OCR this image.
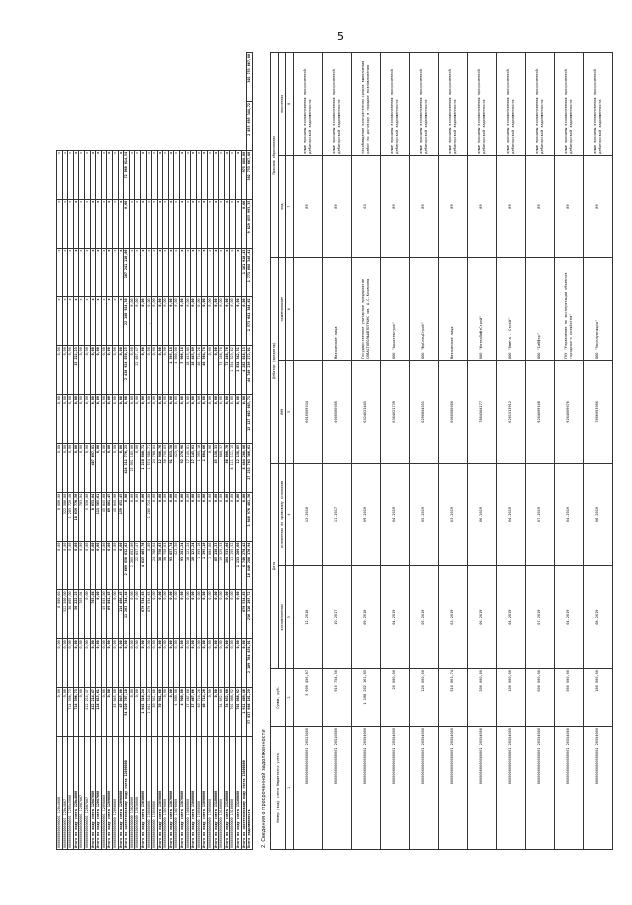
5
·
0000000000000001 120ь4668	0,00	0,00	8 000,00	0,00	8 000,00	0,00	0,00	0,00	x	x	x	x		
000000000000001 120ь4667	0,00	0,00	322 500,00	0,00	322 500,00	0,00	0,00	0,00	x	x	x	x		
0000000000000001 1205ь5000	714 396,73	0,00	36 605,00	0,00	1 203 729,48	0,00	0,00	0,00	x	x	x	x		
Итого по коду счета 120ь4000	714 396,73	0,00	50 222,23	0,00	10 039 776,50	0,00	0,00	15 222,23	x	x	x	x		
00000000000000001 12087667	0,00	0,00	703,04	0,00	703,04	0,00	0,00	0,00	x	x	x	x		
0000000000000001 12087667	412 214,47	0,00	0,00	0,00	5 350,00	0,00	0,00	0,00	x	x	x	x		
Итого по коду счета 12087000	412 214,47	0,00	703,04	0,00	6 053,04	407 697,01	0,00	0,00	x	x	x	x		
Итого по коду счета 12087600	116 615,61	0,00	0,00	0,00	113 565,61	0,00	0,00	0,00	x	x	x	x		
00000000000000001 12096660	0,00	0,00	45 045,00	0,00	45 045,00	0,00	0,00	0,00	x	x	x	x		
Итого по коду счета 12096000	0,00	0,00	69 861,45	0,00	69 861,45	0,00	0,00	0,00	x	x	x	x		
000000000000000 12096660	45 045,00	0,00	0,00	0,00	45 045,00	0,00	0,00	0,00	x	x	x	x		
Итого по коду счета 12096000	45 045,00	0,00	114 408,45	0,00	159 451,45	0,00	0,00	0,00	x	x	x	x		
Итого по синтетическому коду счета 12000000	54 020 707,10	0,00	11 203 744,44	2 669 856 632,62	0,00	424 211 776,23	0,00	2 438 924 030,25	22 180 924,30	107 241 110,00	0,00	72 080 014,54		
0000000000000000 13020000	0,00	0,00	0,00	1 265 692,00	0,00	15 091 183,00	0,00	0,00	0,00	x	x	x		
0000000000000000 13030000	0,00	0,00	0,00	22 657,47	0,00	0,00	0,00	22 657,47	0,00	x	x	x		
Итого по коду счета 13030000	1 041 316,24	0,00	679 534,83	4 615 463,76	0,00	1 228 886,71	0,00	0,00	0,00	x	x	x		
00000000000000 13050000	1 041 316,24	0,00	679 534,83	0,00	1 285 724,00	1 574 986,71	0,00	0,00	0,00	x	x	x		
00000000000000 13050000	50 941,66	0,00	0,00	24 788,64	0,00	24 788,64	0,00	0,00	0,00	x	x	x		
Итого по коду счета 13050000	50 941,66	0,00	0,00	38 750,63	0,00	12 986,76	0,00	0,00	0,00	x	x	x		
000000000000000 13070000	0,00	0,00	0,00	38 750,63	0,00	38 750,63	0,00	0,00	0,00	x	x	x		
Итого по коду счета 13070000	0,00	0,00	0,00	93 857,74	0,00	91 853,50	0,00	1 395,18	0,00	x	x	x		
000000000000000 13070000	4 900,00	0,00	0,00	423,50	0,00	423,50	0,00	4 900,00	0,00	x	x	x		
Итого по коду счета 13070000	4 900,00	0,00	0,00	93 281,24	0,00	92 276,98	0,00	5 906,18	0,00	x	x	x		
000000000000000 13080000	17 467,66	0,00	0,00	18 121,24	0,00	17 145,01	0,00	18 443,89	0,00	x	x	x		
Итого по коду счета 13080000	17 467,66	0,00	0,00	18 121,24	0,00	17 145,01	0,00	18 443,89	0,00	x	x	x		
00000000000000 13090000	40 714,26	0,00	0,00	1 395,18	0,00	1 395,18	0,00	40 714,26	0,00	x	x	x		
Итого по коду счета 13090000	40 714,26	0,00	0,00	1 395,18	0,00	1 604,66	0,00	40 504,78	0,00	x	x	x		
000000000000000 13090000	0,00	0,00	0,00	1 604,66	0,00	0,00	0,00	0,00	0,00	x	x	x		
Итого по коду счета 13100000	0,00	0,00	0,00	85 138,33	0,00	85 138,33	0,00	0,00	0,00	x	x	x		
000000000000000 13100000	54 852,60	0,00	0,00	19 329,33	0,00	868,37	0,00	73 168,76	0,00	x	x	x		
Итого по коду счета 13100000	54 852,60	0,00	0,00	104 533,66	0,00	86 006,70	0,00	73 168,76	0,00	x	x	x		
000000000000000 13100000	701 088,92	0,00	0,00	11 195,52	0,00	6 111 111,15	0,00	1 354 323,62	0,00	x	x	x		
Итого по коду счета 13100000	701 088,92	0,00	0,00	1 133 209,00	0,00	12 138,05	0,00	1 834 342,51	0,00	x	x	x		
Итого по синтетическому коду счета 13000000	1 911 409,46	0,00	679 534,83	8 740 278,42	0,00	8 484 206,86	0,00	4 282 018,13	0,00	1 161 916,43	0,00	975 888,00		
Всего задолженность	57 837 086 161,29	2 109 704 854,01	236 316 195,72	10 440 286 176,94	3 040 976 401,56	27 233 763 366,61	15 137 662 085,71	44 749 239 272,01	1 573 681 384,61	1 773 608 348,41	9 829 855 993,35	302 753 667,00	2 055 895 344,72	302 753 667,00
2. Сведения о просроченной задолженности	Номер (код) счета бюджетного учета	Сумма, руб.	Дата		Дебитор (кредитор)		Причина образования	
		возникновения	исполнения по правовому основанию	ИНН	наименование	код	пояснения
1	2	3	4	5	6	7	8
00000000000000001 20523000	3 909 456,87	12.2018	12.2018	6810009334		89	иные причины возникновения просроченной дебиторской задолженности
00000000000000001 20510000	910 754,50	10.2017	11.2017	0000000000	Физические лица	89	иные причины возникновения просроченной дебиторской задолженности
00000000000000001 20554000	1 198 202 161,85	09.2018	09.2019	6324021445	Государственное унитарное предприятие СЕВАСТОПОЛЬАВТОТРАНС им. А.С.Кочерина	03	несоблюдение контрагентом сроков выполнения работ по договору в порядке возникновения
00000000000000001 20554000	20 000,00	04.2019	04.2019	6304021739	ООО "Архитектура"	89	иные причины возникновения просроченной дебиторской задолженности
00000000000000001 20554000	120 000,00	05.2019	05.2019	0290804051	ООО "ЮрСпецСтрой"	89	иные причины возникновения просроченной дебиторской задолженности
00000000000000001 20554000	510 063,74	03.2019	03.2019	0000000000	Физические лица	89	иные причины возникновения просроченной дебиторской задолженности
00000000000000001 20554000	200 000,00	06.2019	06.2019	7804564177	ООО "ИнтерЛифтСтрой"	89	иные причины возникновения просроченной дебиторской задолженности
00000000000000001 20554000	100 000,00	04.2019	04.2019	6201513912	ООО "Омега - Строй"	89	иные причины возникновения просроченной дебиторской задолженности
00000000000000001 20554000	600 000,00	07.2019	07.2019	9204009108	ООО "Сибфэр"	89	иные причины возникновения просроченной дебиторской задолженности
00000000000000001 20554000	560 000,00	04.2019	04.2019	9204009676	ГКУ "Управление по эксплуатации объектов городского хозяйства"	89	иные причины возникновения просроченной дебиторской задолженности
00000000000000001 20554000	180 000,00	08.2019	08.2019	7806093060	ООО "Эксплуатация"	89	иные причины возникновения просроченной дебиторской задолженности
